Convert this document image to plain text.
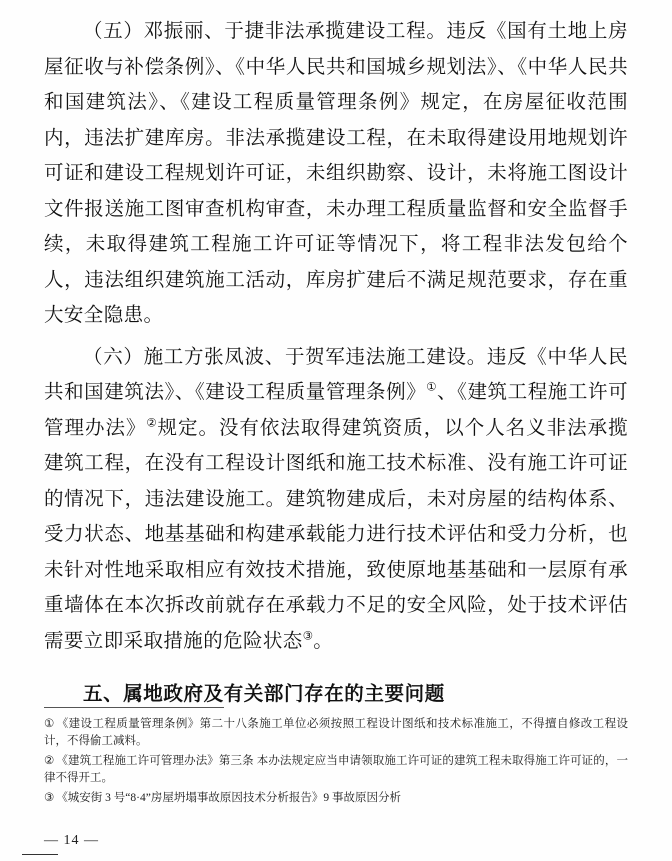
（五）邓振丽、于捷非法承揽建设工程。违反《国有土地上房屋征收与补偿条例》、《中华人民共和国城乡规划法》、《中华人民共和国建筑法》、《建设工程质量管理条例》规定，在房屋征收范围内，违法扩建库房。非法承揽建设工程，在未取得建设用地规划许可证和建设工程规划许可证，未组织勘察、设计，未将施工图设计文件报送施工图审查机构审查，未办理工程质量监督和安全监督手续，未取得建筑工程施工许可证等情况下，将工程非法发包给个人，违法组织建筑施工活动，库房扩建后不满足规范要求，存在重大安全隐患。

（六）施工方张凤波、于贺军违法施工建设。违反《中华人民共和国建筑法》、《建设工程质量管理条例》①、《建筑工程施工许可管理办法》②规定。没有依法取得建筑资质，以个人名义非法承揽建筑工程，在没有工程设计图纸和施工技术标准、没有施工许可证的情况下，违法建设施工。建筑物建成后，未对房屋的结构体系、受力状态、地基基础和构建承载能力进行技术评估和受力分析，也未针对性地采取相应有效技术措施，致使原地基基础和一层原有承重墙体在本次拆改前就存在承载力不足的安全风险，处于技术评估需要立即采取措施的危险状态③。

五、属地政府及有关部门存在的主要问题

① 《建设工程质量管理条例》第二十八条施工单位必须按照工程设计图纸和技术标准施工，不得擅自修改工程设计，不得偷工减料。

② 《建筑工程施工许可管理办法》第三条 本办法规定应当申请领取施工许可证的建筑工程未取得施工许可证的，一律不得开工。

③ 《城安街 3 号“8·4”房屋坍塌事故原因技术分析报告》9 事故原因分析

— 14 —
